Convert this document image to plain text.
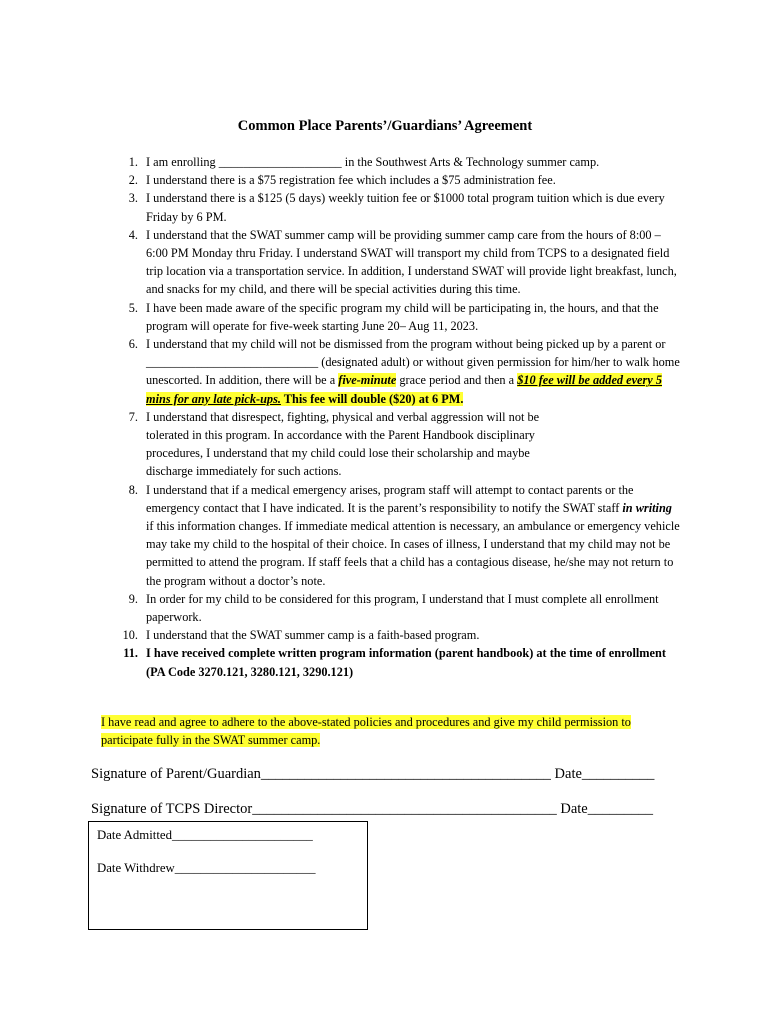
Common Place Parents’/Guardians’ Agreement
1. I am enrolling ____________________ in the Southwest Arts & Technology summer camp.
2. I understand there is a $75 registration fee which includes a $75 administration fee.
3. I understand there is a $125 (5 days) weekly tuition fee or $1000 total program tuition which is due every Friday by 6 PM.
4. I understand that the SWAT summer camp will be providing summer camp care from the hours of 8:00 – 6:00 PM Monday thru Friday. I understand SWAT will transport my child from TCPS to a designated field trip location via a transportation service. In addition, I understand SWAT will provide light breakfast, lunch, and snacks for my child, and there will be special activities during this time.
5. I have been made aware of the specific program my child will be participating in, the hours, and that the program will operate for five-week starting June 20– Aug 11, 2023.
6. I understand that my child will not be dismissed from the program without being picked up by a parent or ____________________________ (designated adult) or without given permission for him/her to walk home unescorted. In addition, there will be a five-minute grace period and then a $10 fee will be added every 5 mins for any late pick-ups. This fee will double ($20) at 6 PM.
7. I understand that disrespect, fighting, physical and verbal aggression will not be tolerated in this program. In accordance with the Parent Handbook disciplinary procedures, I understand that my child could lose their scholarship and maybe discharge immediately for such actions.
8. I understand that if a medical emergency arises, program staff will attempt to contact parents or the emergency contact that I have indicated. It is the parent’s responsibility to notify the SWAT staff in writing if this information changes. If immediate medical attention is necessary, an ambulance or emergency vehicle may take my child to the hospital of their choice. In cases of illness, I understand that my child may not be permitted to attend the program. If staff feels that a child has a contagious disease, he/she may not return to the program without a doctor’s note.
9. In order for my child to be considered for this program, I understand that I must complete all enrollment paperwork.
10. I understand that the SWAT summer camp is a faith-based program.
11. I have received complete written program information (parent handbook) at the time of enrollment (PA Code 3270.121, 3280.121, 3290.121)
I have read and agree to adhere to the above-stated policies and procedures and give my child permission to participate fully in the SWAT summer camp.
Signature of Parent/Guardian________________________________________ Date__________
Signature of TCPS Director__________________________________________ Date_________
Date Admitted______________________
Date Withdrew______________________
